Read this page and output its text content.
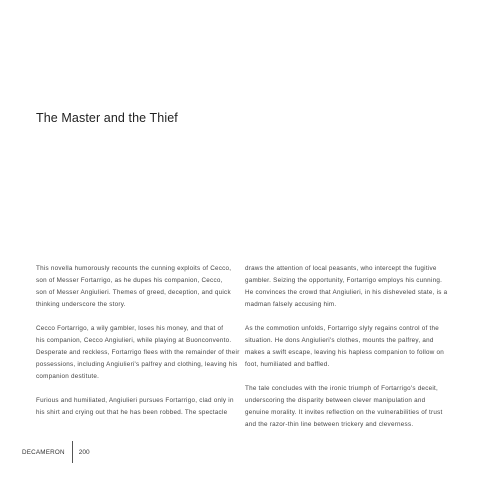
The Master and the Thief

This novella humorously recounts the cunning exploits of Cecco,
son of Messer Fortarrigo, as he dupes his companion, Cecco,
son of Messer Angiulieri. Themes of greed, deception, and quick
thinking underscore the story.

Cecco Fortarrigo, a wily gambler, loses his money, and that of
his companion, Cecco Angiulieri, while playing at Buonconvento.
Desperate and reckless, Fortarrigo flees with the remainder of their
possessions, including Angiulieri's palfrey and clothing, leaving his
companion destitute.

Furious and humiliated, Angiulieri pursues Fortarrigo, clad only in
his shirt and crying out that he has been robbed. The spectacle

draws the attention of local peasants, who intercept the fugitive
gambler. Seizing the opportunity, Fortarrigo employs his cunning.
He convinces the crowd that Angiulieri, in his disheveled state, is a
madman falsely accusing him.

As the commotion unfolds, Fortarrigo slyly regains control of the
situation. He dons Angiulieri's clothes, mounts the palfrey, and
makes a swift escape, leaving his hapless companion to follow on
foot, humiliated and baffled.

The tale concludes with the ironic triumph of Fortarrigo's deceit,
underscoring the disparity between clever manipulation and
genuine morality. It invites reflection on the vulnerabilities of trust
and the razor-thin line between trickery and cleverness.

DECAMERON 200
